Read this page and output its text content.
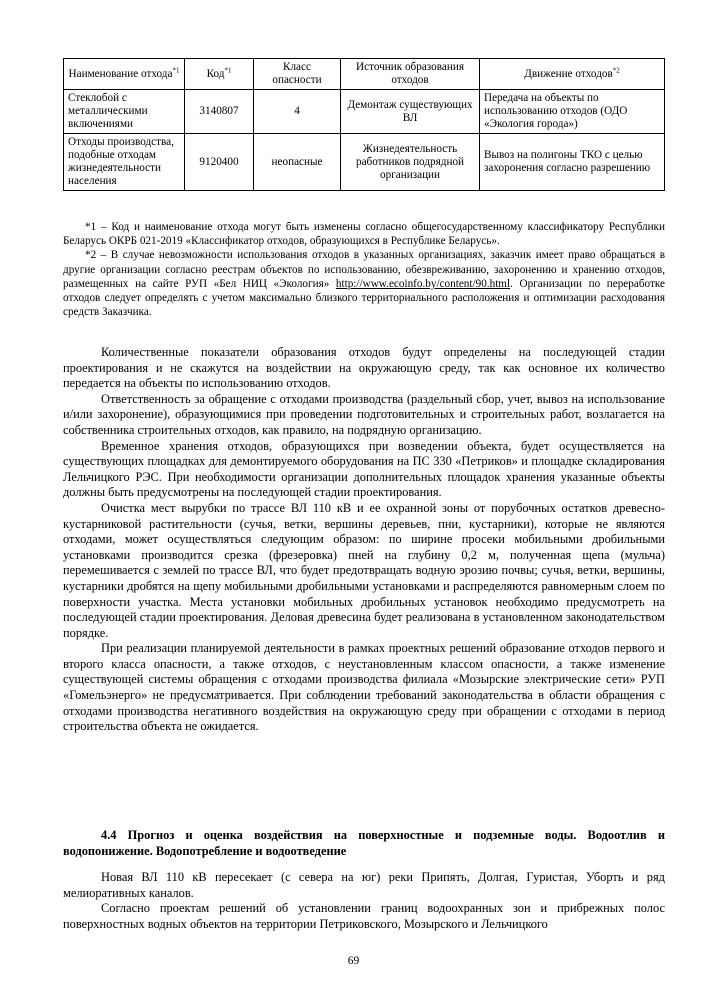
Наименование отхода$^{*1}$	Код$^{*1}$	Класс опасности	Источник образования отходов	Движение отходов$^{*2}$
Стеклобой с металлическими включениями	3140807	4	Демонтаж существующих ВЛ	Передача на объекты по использованию отходов (ОДО «Экология города»)
Отходы производства, подобные отходам жизнедеятельности населения	9120400	неопасные	Жизнедеятельность работников подрядной организации	Вывоз на полигоны ТКО с целью захоронения согласно разрешению

*1 – Код и наименование отхода могут быть изменены согласно общегосударственному классификатору Республики Беларусь ОКРБ 021-2019 «Классификатор отходов, образующихся в Республике Беларусь».

*2 – В случае невозможности использования отходов в указанных организациях, заказчик имеет право обращаться в другие организации согласно реестрам объектов по использованию, обезвреживанию, захоронению и хранению отходов, размещенных на сайте РУП «Бел НИЦ «Экология» http://www.ecoinfo.by/content/90.html. Организации по переработке отходов следует определять с учетом максимально близкого территориального расположения и оптимизации расходования средств Заказчика.

Количественные показатели образования отходов будут определены на последующей стадии проектирования и не скажутся на воздействии на окружающую среду, так как основное их количество передается на объекты по использованию отходов.

Ответственность за обращение с отходами производства (раздельный сбор, учет, вывоз на использование и/или захоронение), образующимися при проведении подготовительных и строительных работ, возлагается на собственника строительных отходов, как правило, на подрядную организацию.

Временное хранения отходов, образующихся при возведении объекта, будет осуществляется на существующих площадках для демонтируемого оборудования на ПС 330 «Петриков» и площадке складирования Лельчицкого РЭС. При необходимости организации дополнительных площадок хранения указанные объекты должны быть предусмотрены на последующей стадии проектирования.

Очистка мест вырубки по трассе ВЛ 110 кВ и ее охранной зоны от порубочных остатков древесно-кустарниковой растительности (сучья, ветки, вершины деревьев, пни, кустарники), которые не являются отходами, может осуществляться следующим образом: по ширине просеки мобильными дробильными установками производится срезка (фрезеровка) пней на глубину 0,2 м, полученная щепа (мульча) перемешивается с землей по трассе ВЛ, что будет предотвращать водную эрозию почвы; сучья, ветки, вершины, кустарники дробятся на щепу мобильными дробильными установками и распределяются равномерным слоем по поверхности участка. Места установки мобильных дробильных установок необходимо предусмотреть на последующей стадии проектирования. Деловая древесина будет реализована в установленном законодательством порядке.

При реализации планируемой деятельности в рамках проектных решений образование отходов первого и второго класса опасности, а также отходов, с неустановленным классом опасности, а также изменение существующей системы обращения с отходами производства филиала «Мозырские электрические сети» РУП «Гомельэнерго» не предусматривается. При соблюдении требований законодательства в области обращения с отходами производства негативного воздействия на окружающую среду при обращении с отходами в период строительства объекта не ожидается.

4.4 Прогноз и оценка воздействия на поверхностные и подземные воды. Водоотлив и водопонижение. Водопотребление и водоотведение

Новая ВЛ 110 кВ пересекает (с севера на юг) реки Припять, Долгая, Гуристая, Уборть и ряд мелиоративных каналов.

Согласно проектам решений об установлении границ водоохранных зон и прибрежных полос поверхностных водных объектов на территории Петриковского, Мозырского и Лельчицкого

69
